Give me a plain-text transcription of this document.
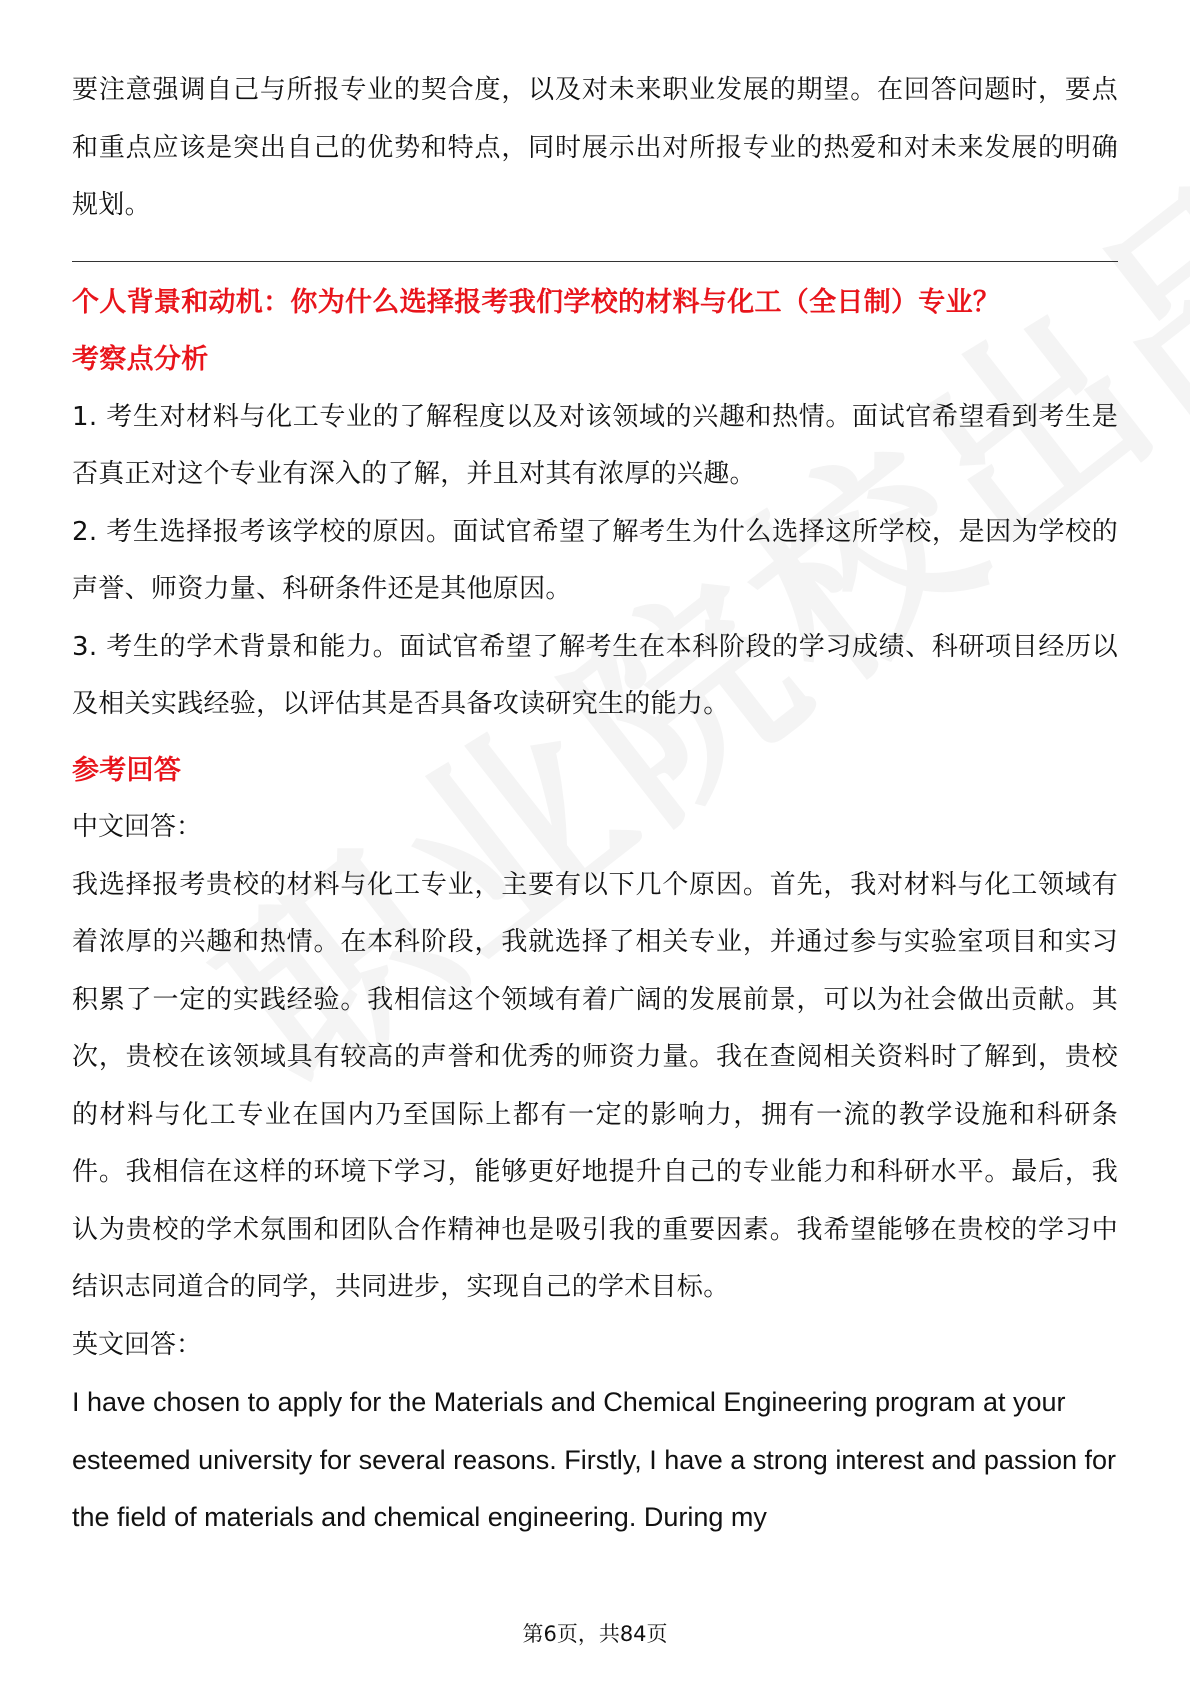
要注意强调自己与所报专业的契合度，以及对未来职业发展的期望。在回答问题时，要点和重点应该是突出自己的优势和特点，同时展示出对所报专业的热爱和对未来发展的明确规划。

个人背景和动机：你为什么选择报考我们学校的材料与化工（全日制）专业？

考察点分析

1. 考生对材料与化工专业的了解程度以及对该领域的兴趣和热情。面试官希望看到考生是否真正对这个专业有深入的了解，并且对其有浓厚的兴趣。

2. 考生选择报考该学校的原因。面试官希望了解考生为什么选择这所学校，是因为学校的声誉、师资力量、科研条件还是其他原因。

3. 考生的学术背景和能力。面试官希望了解考生在本科阶段的学习成绩、科研项目经历以及相关实践经验，以评估其是否具备攻读研究生的能力。

参考回答

中文回答：

我选择报考贵校的材料与化工专业，主要有以下几个原因。首先，我对材料与化工领域有着浓厚的兴趣和热情。在本科阶段，我就选择了相关专业，并通过参与实验室项目和实习积累了一定的实践经验。我相信这个领域有着广阔的发展前景，可以为社会做出贡献。其次，贵校在该领域具有较高的声誉和优秀的师资力量。我在查阅相关资料时了解到，贵校的材料与化工专业在国内乃至国际上都有一定的影响力，拥有一流的教学设施和科研条件。我相信在这样的环境下学习，能够更好地提升自己的专业能力和科研水平。最后，我认为贵校的学术氛围和团队合作精神也是吸引我的重要因素。我希望能够在贵校的学习中结识志同道合的同学，共同进步，实现自己的学术目标。

英文回答：

I have chosen to apply for the Materials and Chemical Engineering program at your esteemed university for several reasons. Firstly, I have a strong interest and passion for the field of materials and chemical engineering. During my

第6页，共84页
